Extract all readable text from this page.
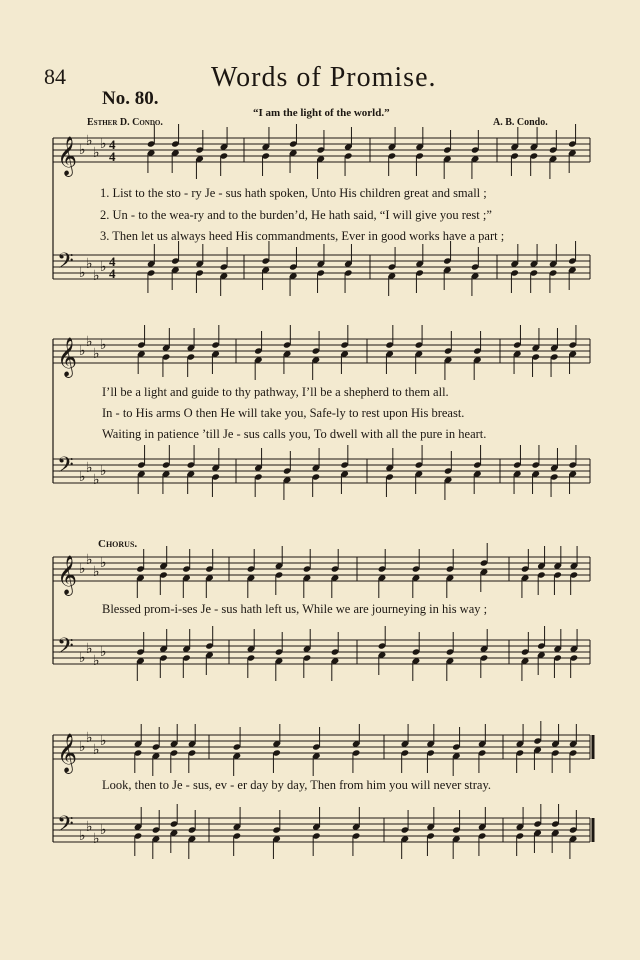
84	Words of Promise.
No. 80.
“I am the light of the world.”
Esther D. Condo.	A. B. Condo.
𝄞 ♭
♭
♭
♭ 4
4
𝄢 ♭
♭
♭
♭ 4
4
𝄞 ♭
♭
♭
♭
𝄢 ♭
♭
♭
♭
𝄞 ♭
♭
♭
♭
𝄢 ♭
♭
♭
♭
𝄞 ♭
♭
♭
♭
𝄢 ♭
♭
♭
♭
1. List to the sto - ry Je - sus hath spoken, Unto His children great and small ;
2. Un - to the wea-ry and to the burden’d, He hath said, “I will give you rest ;”
3. Then let us always heed His commandments, Ever in good works have a part ;
I’ll be a light and guide to thy pathway, I’ll be a shepherd to them all.
In - to His arms O then He will take you, Safe-ly to rest upon His breast.
Waiting in patience ’till Je - sus calls you, To dwell with all the pure in heart.
Chorus.
Blessed prom-i-ses Je - sus hath left us, While we are journeying in his way ;
Look, then to Je - sus, ev - er day by day, Then from him you will never stray.
